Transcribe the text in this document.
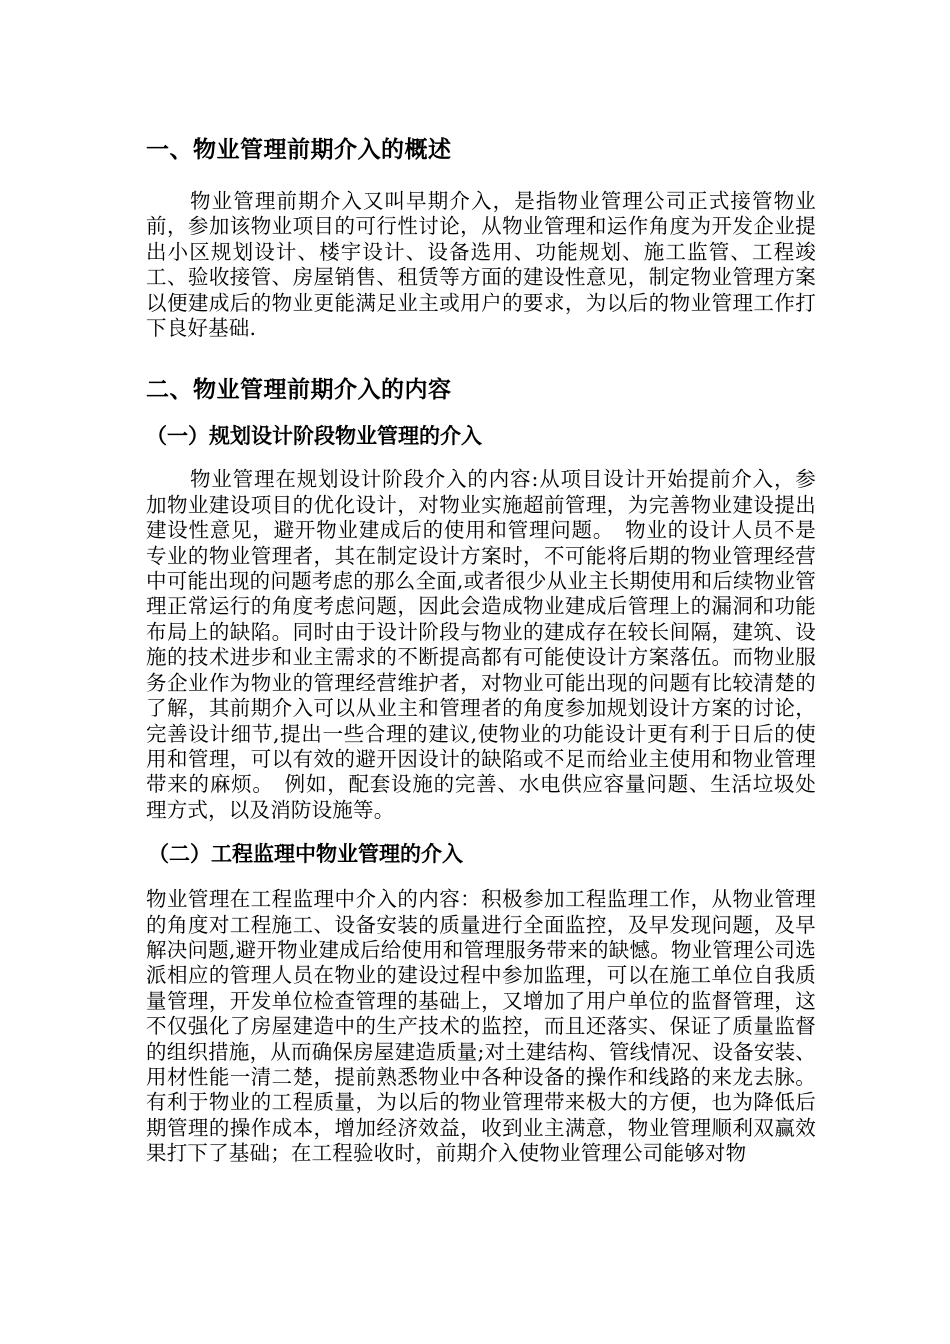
一、物业管理前期介入的概述

物业管理前期介入又叫早期介入，是指物业管理公司正式接管物业前，参加该物业项目的可行性讨论，从物业管理和运作角度为开发企业提出小区规划设计、楼宇设计、设备选用、功能规划、施工监管、工程竣工、验收接管、房屋销售、租赁等方面的建设性意见，制定物业管理方案以便建成后的物业更能满足业主或用户的要求，为以后的物业管理工作打下良好基础.

二、物业管理前期介入的内容
（一）规划设计阶段物业管理的介入

物业管理在规划设计阶段介入的内容:从项目设计开始提前介入，参加物业建设项目的优化设计，对物业实施超前管理，为完善物业建设提出建设性意见，避开物业建成后的使用和管理问题。　物业的设计人员不是专业的物业管理者，其在制定设计方案时，不可能将后期的物业管理经营中可能出现的问题考虑的那么全面,或者很少从业主长期使用和后续物业管理正常运行的角度考虑问题，因此会造成物业建成后管理上的漏洞和功能布局上的缺陷。同时由于设计阶段与物业的建成存在较长间隔，建筑、设施的技术进步和业主需求的不断提高都有可能使设计方案落伍。而物业服务企业作为物业的管理经营维护者，对物业可能出现的问题有比较清楚的了解，其前期介入可以从业主和管理者的角度参加规划设计方案的讨论，完善设计细节,提出一些合理的建议,使物业的功能设计更有利于日后的使用和管理，可以有效的避开因设计的缺陷或不足而给业主使用和物业管理带来的麻烦。　例如，配套设施的完善、水电供应容量问题、生活垃圾处理方式，以及消防设施等。

（二）工程监理中物业管理的介入

物业管理在工程监理中介入的内容：积极参加工程监理工作，从物业管理的角度对工程施工、设备安装的质量进行全面监控，及早发现问题，及早解决问题,避开物业建成后给使用和管理服务带来的缺憾。物业管理公司选派相应的管理人员在物业的建设过程中参加监理，可以在施工单位自我质量管理，开发单位检查管理的基础上，又增加了用户单位的监督管理，这不仅强化了房屋建造中的生产技术的监控，而且还落实、保证了质量监督的组织措施，从而确保房屋建造质量;对土建结构、管线情况、设备安装、用材性能一清二楚，提前熟悉物业中各种设备的操作和线路的来龙去脉。有利于物业的工程质量，为以后的物业管理带来极大的方便，也为降低后期管理的操作成本，增加经济效益，收到业主满意，物业管理顺利双赢效果打下了基础；在工程验收时，前期介入使物业管理公司能够对物
